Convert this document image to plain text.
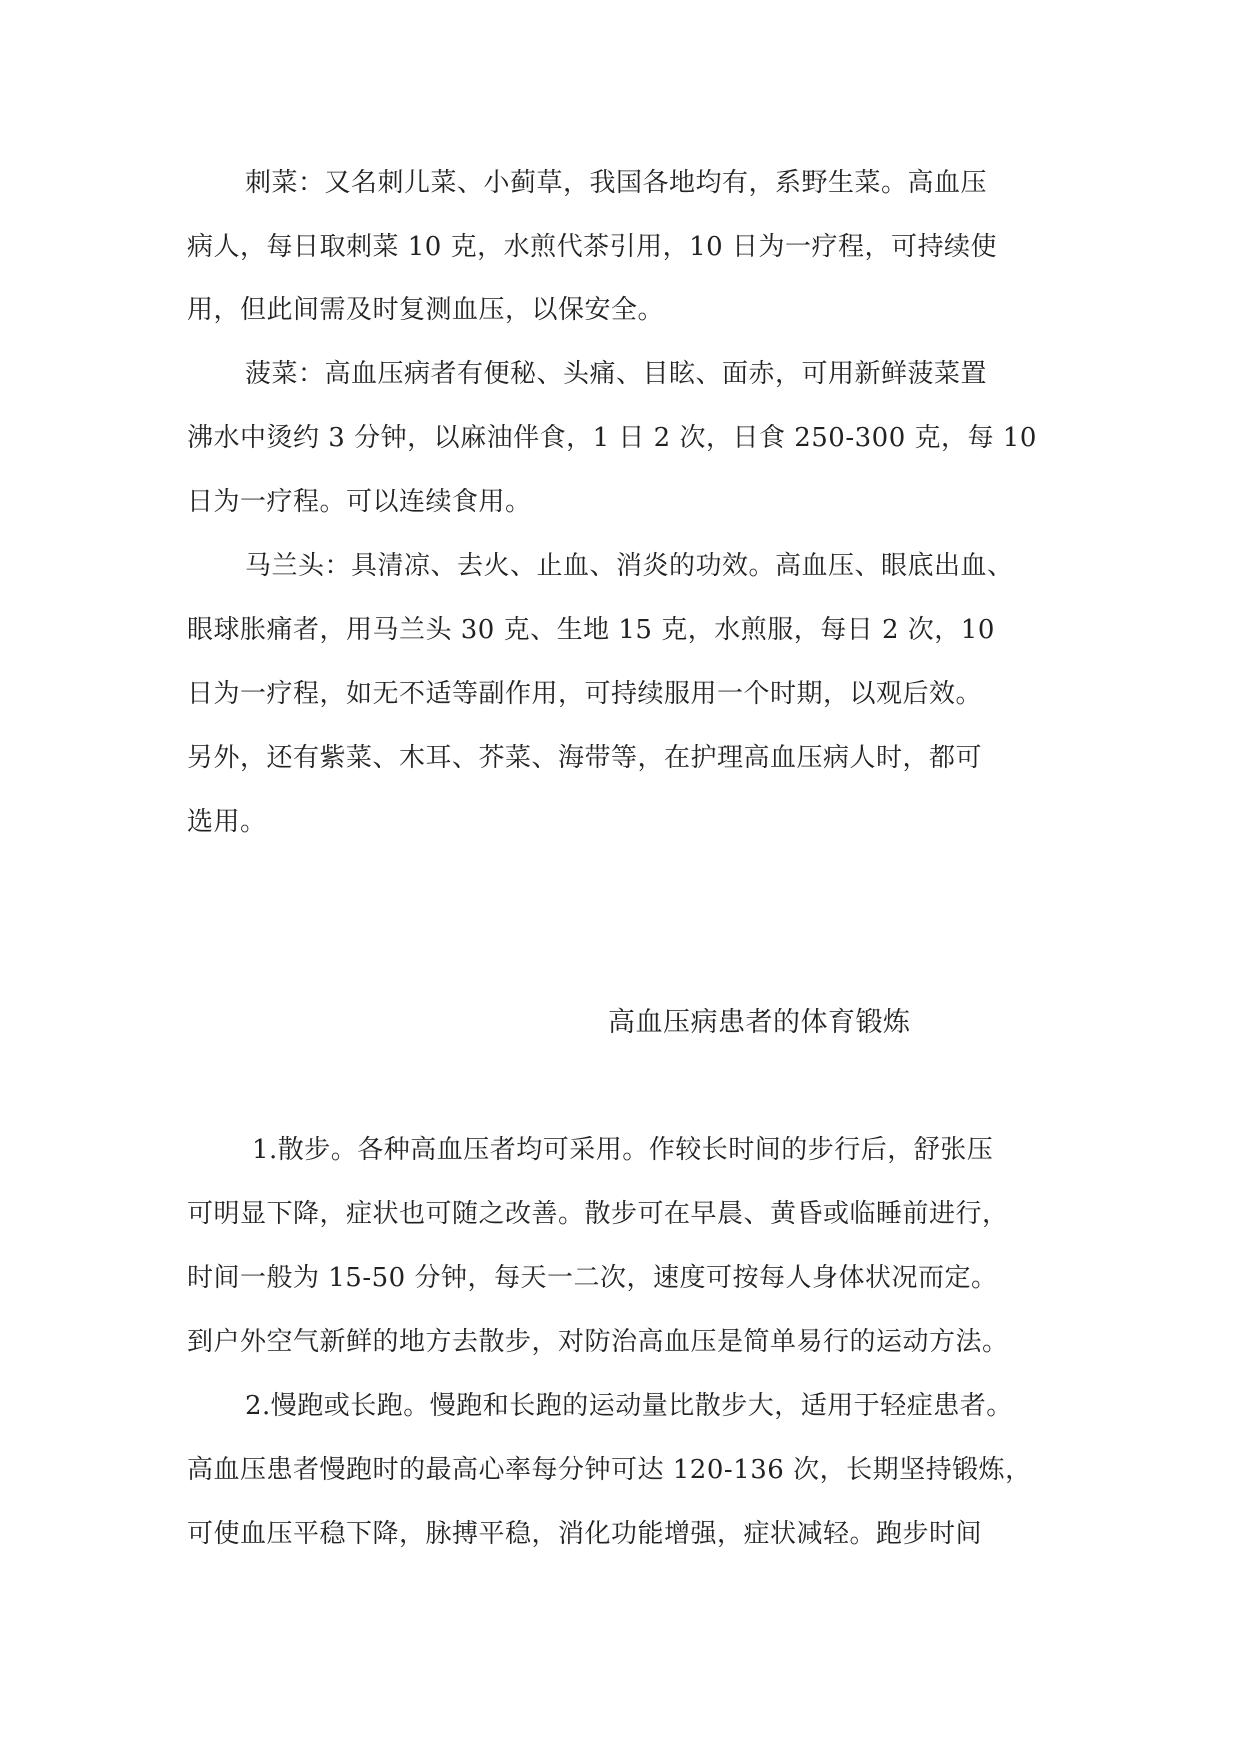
刺菜：又名刺儿菜、小蓟草，我国各地均有，系野生菜。高血压
病人，每日取刺菜 10 克，水煎代茶引用，10 日为一疗程，可持续使
用，但此间需及时复测血压，以保安全。
菠菜：高血压病者有便秘、头痛、目眩、面赤，可用新鲜菠菜置
沸水中烫约 3 分钟，以麻油伴食，1 日 2 次，日食 250-300 克，每 10
日为一疗程。可以连续食用。
马兰头：具清凉、去火、止血、消炎的功效。高血压、眼底出血、
眼球胀痛者，用马兰头 30 克、生地 15 克，水煎服，每日 2 次，10
日为一疗程，如无不适等副作用，可持续服用一个时期，以观后效。
另外，还有紫菜、木耳、芥菜、海带等，在护理高血压病人时，都可
选用。
高血压病患者的体育锻炼
1.散步。各种高血压者均可采用。作较长时间的步行后，舒张压
可明显下降，症状也可随之改善。散步可在早晨、黄昏或临睡前进行，
时间一般为 15-50 分钟，每天一二次，速度可按每人身体状况而定。
到户外空气新鲜的地方去散步，对防治高血压是简单易行的运动方法。
2.慢跑或长跑。慢跑和长跑的运动量比散步大，适用于轻症患者。
高血压患者慢跑时的最高心率每分钟可达 120-136 次，长期坚持锻炼，
可使血压平稳下降，脉搏平稳，消化功能增强，症状减轻。跑步时间
